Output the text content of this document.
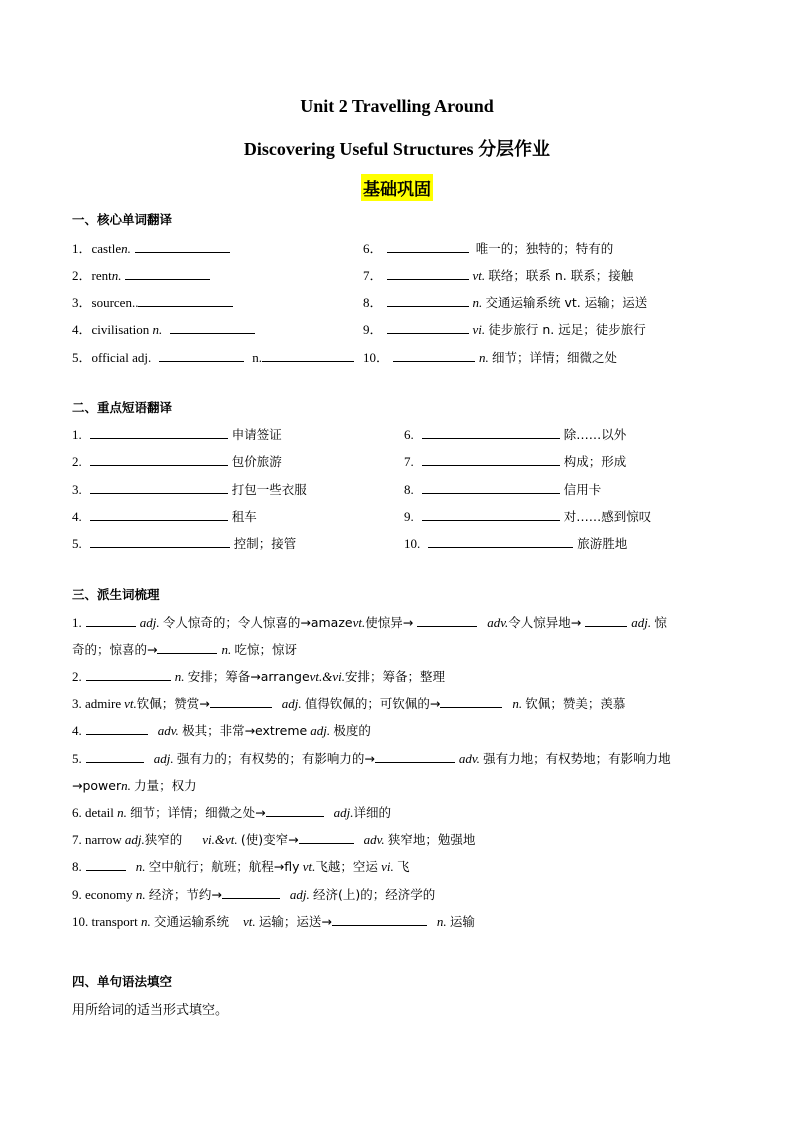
Unit 2 Travelling Around
Discovering Useful Structures 分层作业
基础巩固
一、核心单词翻译
1．castlen.
2．rentn.
3．sourcen..
4．civilisation n.
5．official adj.	n.
6．	唯一的；独特的；特有的
7．	vt. 联络；联系 n. 联系；接触
8．	n. 交通运输系统 vt. 运输；运送
9．	vi. 徒步旅行 n. 远足；徒步旅行
10．	n. 细节；详情；细微之处
二、重点短语翻译
1.	申请签证
2.	包价旅游
3.	打包一些衣服
4.	租车
5.	控制；接管
6.	除……以外
7.	构成；形成
8.	信用卡
9.	对……感到惊叹
10.	旅游胜地
三、派生词梳理
1.	adj. 令人惊奇的；令人惊喜的→amazevt.使惊异→	adv.令人惊异地→	adj. 惊
奇的；惊喜的→	n. 吃惊；惊讶
2.	n. 安排；筹备→arrangevt.&vi.安排；筹备；整理
3. admire vt.钦佩；赞赏→	adj. 值得钦佩的；可钦佩的→	n. 钦佩；赞美；羡慕
4.	adv. 极其；非常→extreme adj. 极度的
5.	adj. 强有力的；有权势的；有影响力的→	adv. 强有力地；有权势地；有影响力地
→powern. 力量；权力
6. detail n. 细节；详情；细微之处→	adj.详细的
7. narrow adj.狭窄的 vi.&vt. (使)变窄→	adv. 狭窄地；勉强地
8.	n. 空中航行；航班；航程→fly vt.飞越；空运 vi. 飞
9. economy n. 经济；节约→	adj. 经济(上)的；经济学的
10. transport n. 交通运输系统 vt. 运输；运送→	n. 运输
四、单句语法填空
用所给词的适当形式填空。
